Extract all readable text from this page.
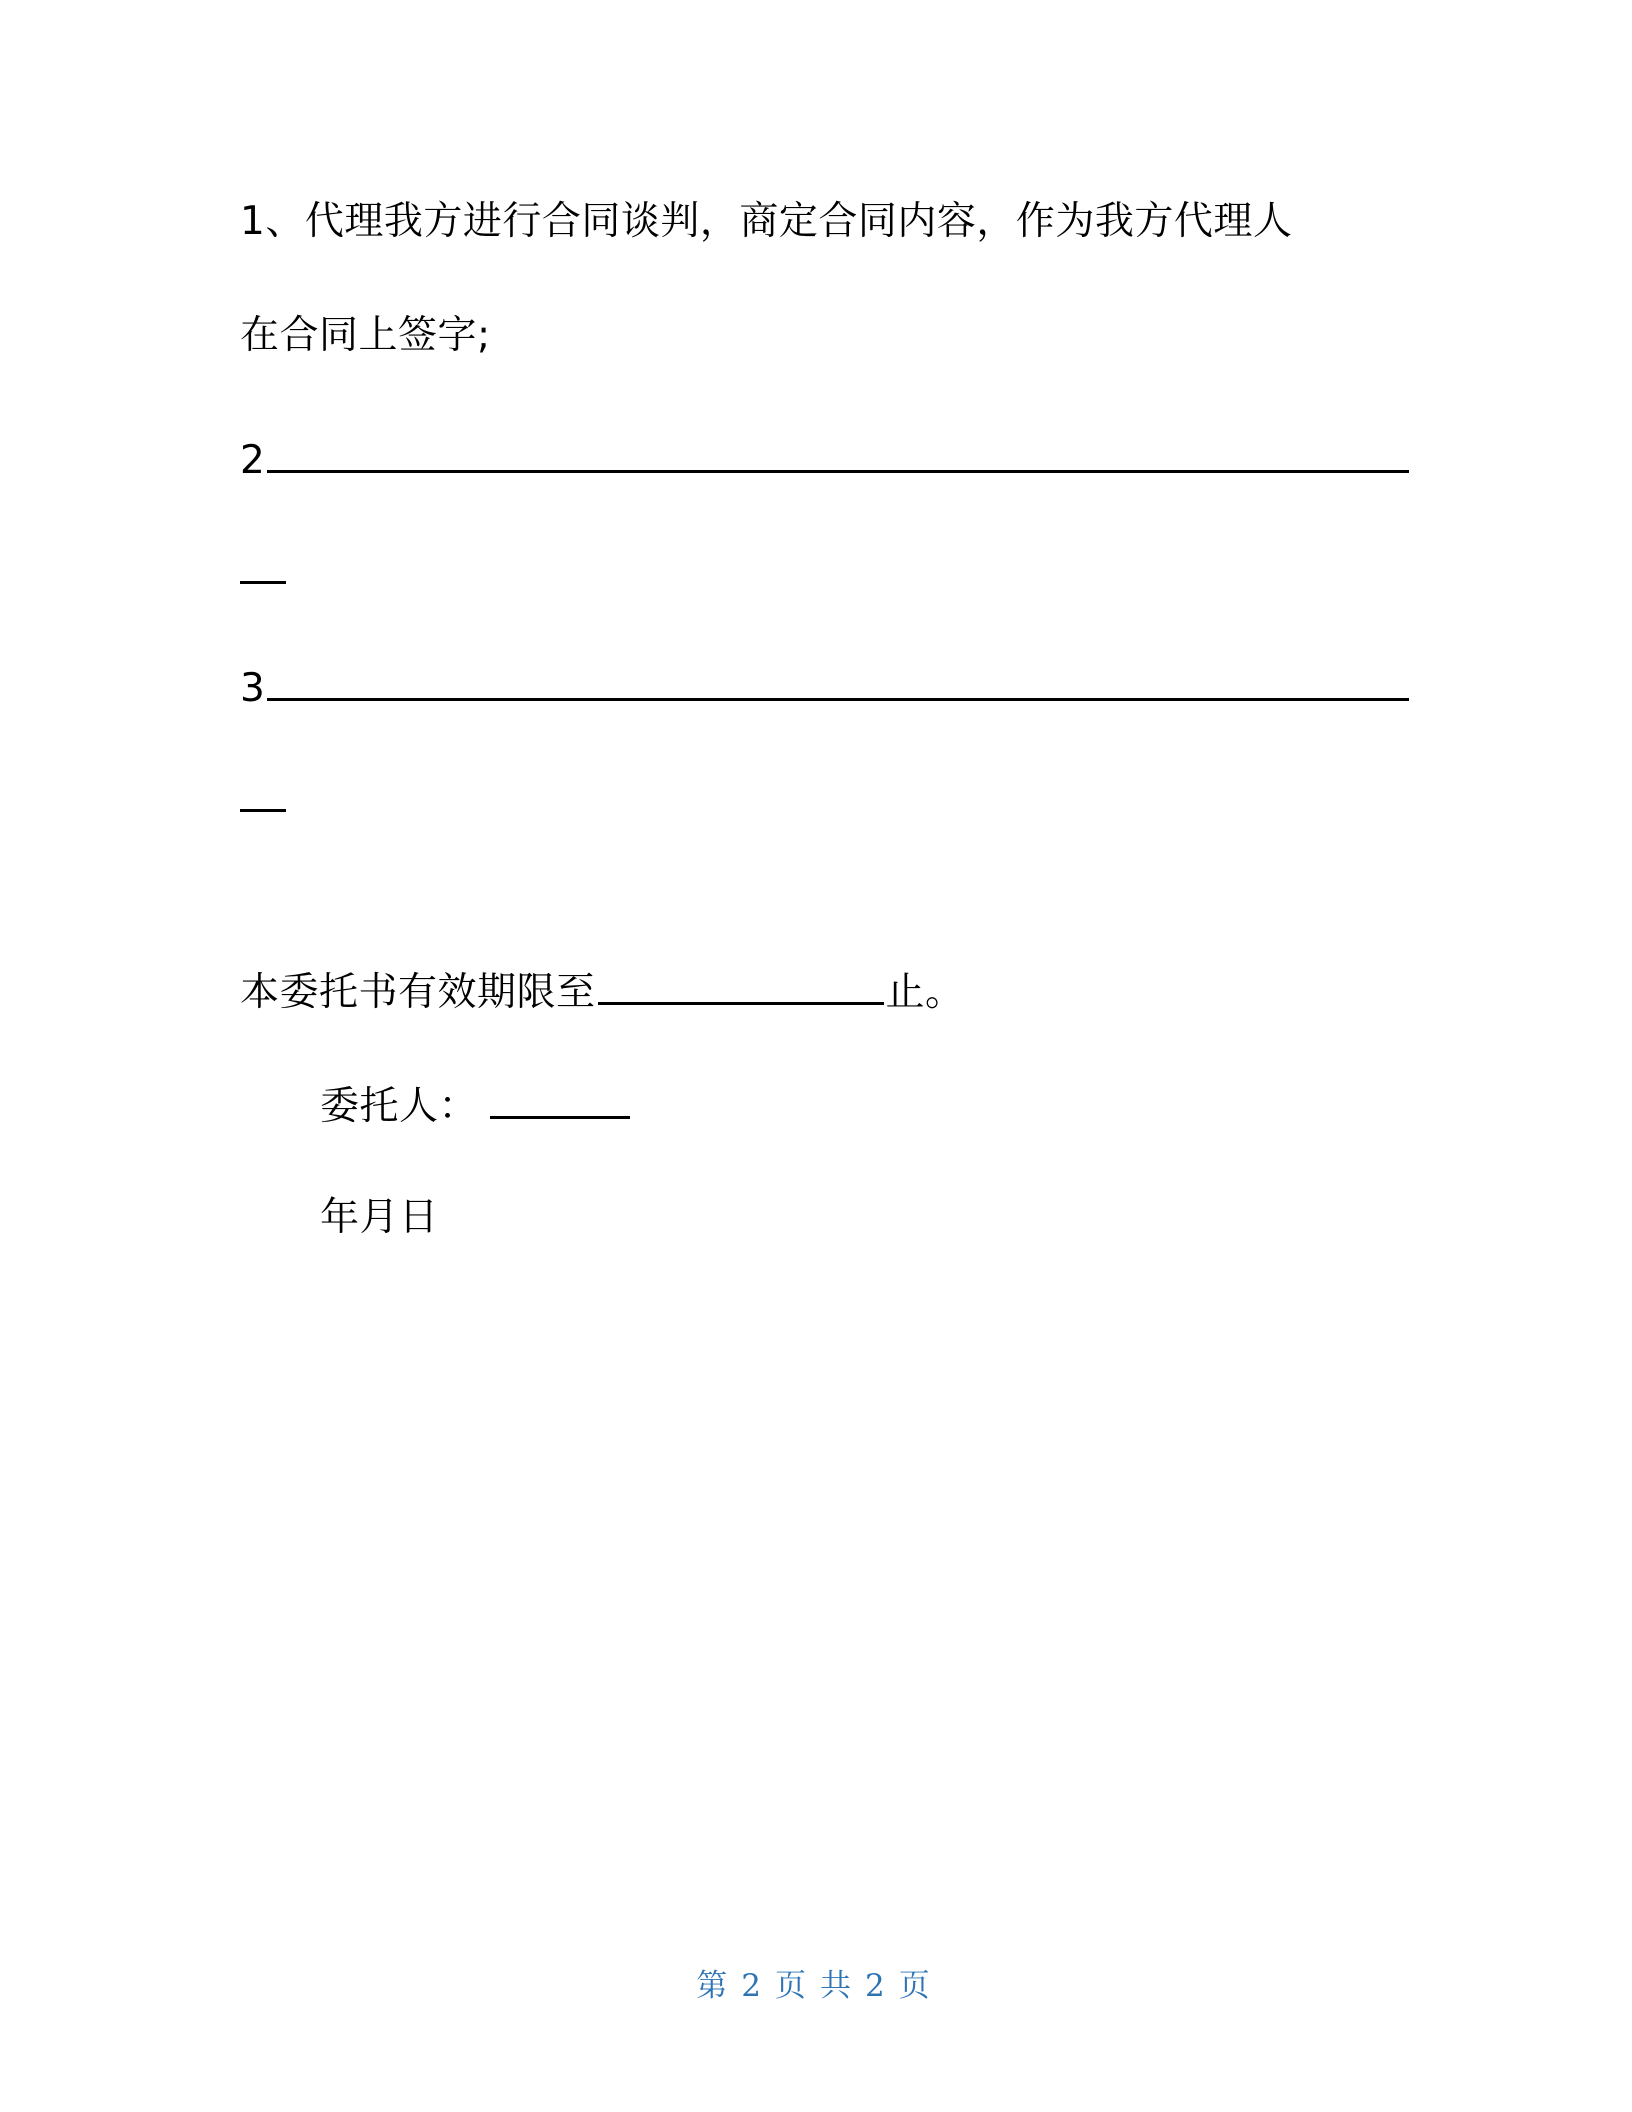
1、代理我方进行合同谈判，商定合同内容，作为我方代理人
在合同上签字;
2
3
本委托书有效期限至	止。
委托人：
年月日
第 2 页 共 2 页
